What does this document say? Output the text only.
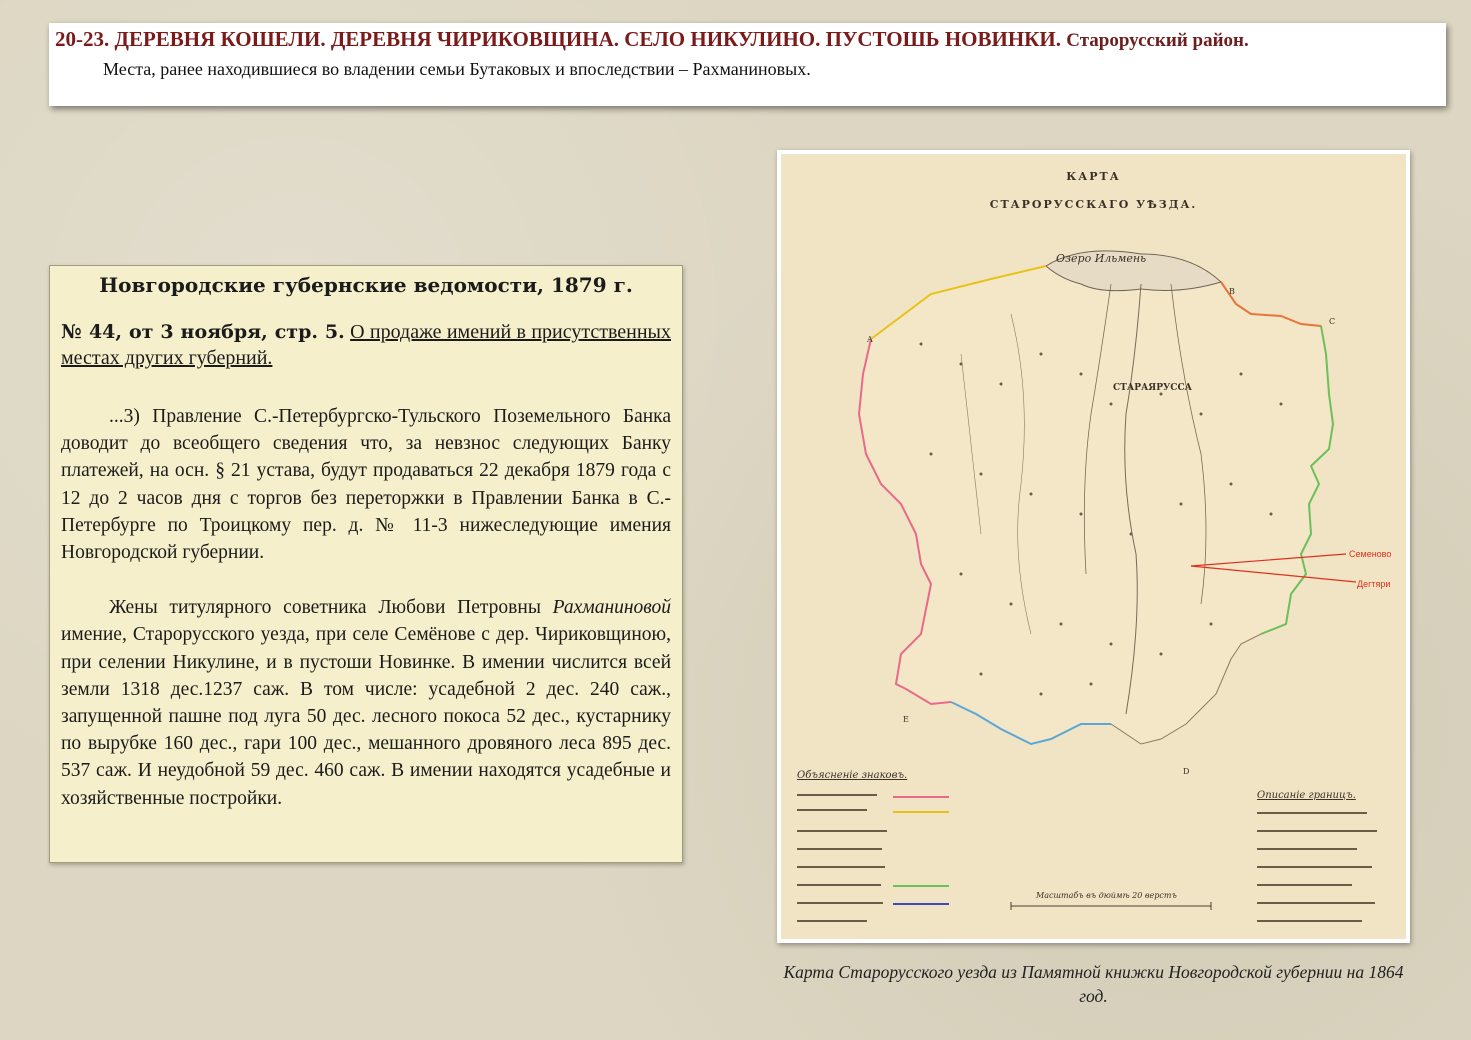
20-23. ДЕРЕВНЯ КОШЕЛИ. ДЕРЕВНЯ ЧИРИКОВЩИНА. СЕЛО НИКУЛИНО. ПУСТОШЬ НОВИНКИ. Старорусский район.

Места, ранее находившиеся во владении семьи Бутаковых и впоследствии – Рахманиновых.

Новгородские губернские ведомости, 1879 г.

№ 44, от 3 ноября, стр. 5. О продаже имений в присутственных местах других губерний.

...3) Правление С.-Петербургско-Тульского Поземельного Банка доводит до всеобщего сведения что, за невзнос следующих Банку платежей, на осн. § 21 устава, будут продаваться 22 декабря 1879 года с 12 до 2 часов дня с торгов без переторжки в Правлении Банка в С.-Петербурге по Троицкому пер. д. № 11-3 нижеследующие имения Новгородской губернии.

Жены титулярного советника Любови Петровны Рахманиновой имение, Старорусского уезда, при селе Семёнове с дер. Чириковщиною, при селении Никулине, и в пустоши Новинке. В имении числится всей земли 1318 дес.1237 саж. В том числе: усадебной 2 дес. 240 саж., запущенной пашне под луга 50 дес. лесного покоса 52 дес., кустарнику по вырубке 160 дес., гари 100 дес., мешанного дровяного леса 895 дес. 537 саж. И неудобной 59 дес. 460 саж. В имении находятся усадебные и хозяйственные постройки.

КАРТА
СТАРОРУССКАГО УѢЗДА.
Озеро Ильмень
СТАРАЯРУССА
Семеново
Дегтяри
A
B
C
D
E
Масштабъ въ дюймѣ 20 верстъ
Объясненіе знаковъ.
Описаніе границъ.
Карта Старорусского уезда из Памятной книжки Новгородской губернии на 1864 год.
